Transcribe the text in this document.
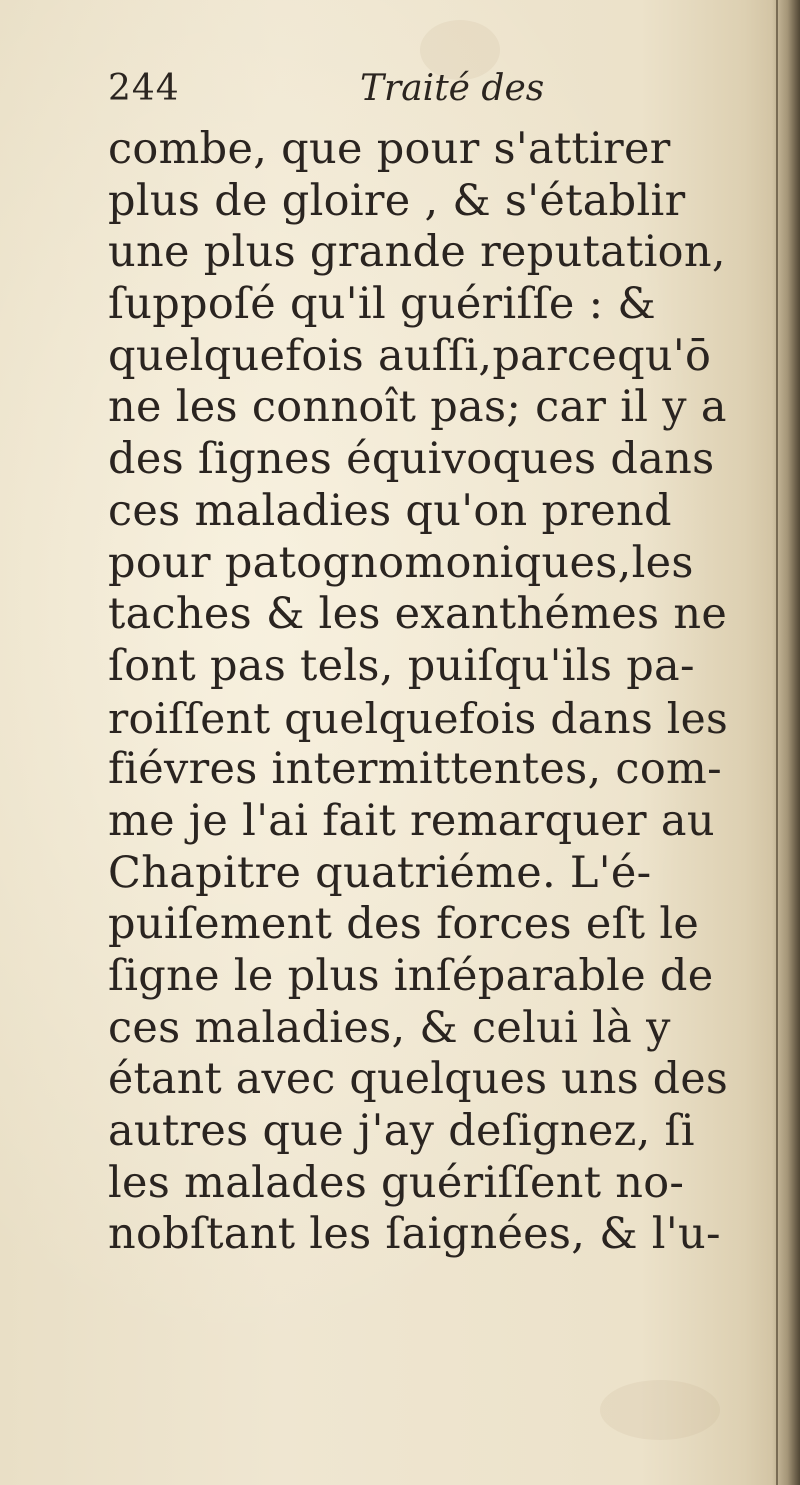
244	Traité des
combe, que pour s'attirer
plus de gloire , & s'établir
une plus grande reputation,
ſuppoſé qu'il guériſſe : &
quelquefois auſſi,parcequ'ō
ne les connoît pas; car il y a
des ſignes équivoques dans
ces maladies qu'on prend
pour patognomoniques,les
taches & les exanthémes ne
ſont pas tels, puiſqu'ils pa-
roiſſent quelquefois dans les
fiévres intermittentes, com-
me je l'ai fait remarquer au
Chapitre quatriéme. L'é-
puiſement des forces eſt le
ſigne le plus inſéparable de
ces maladies, & celui là y
étant avec quelques uns des
autres que j'ay deſignez, ſi
les malades guériſſent no-
nobſtant les ſaignées, & l'u-
